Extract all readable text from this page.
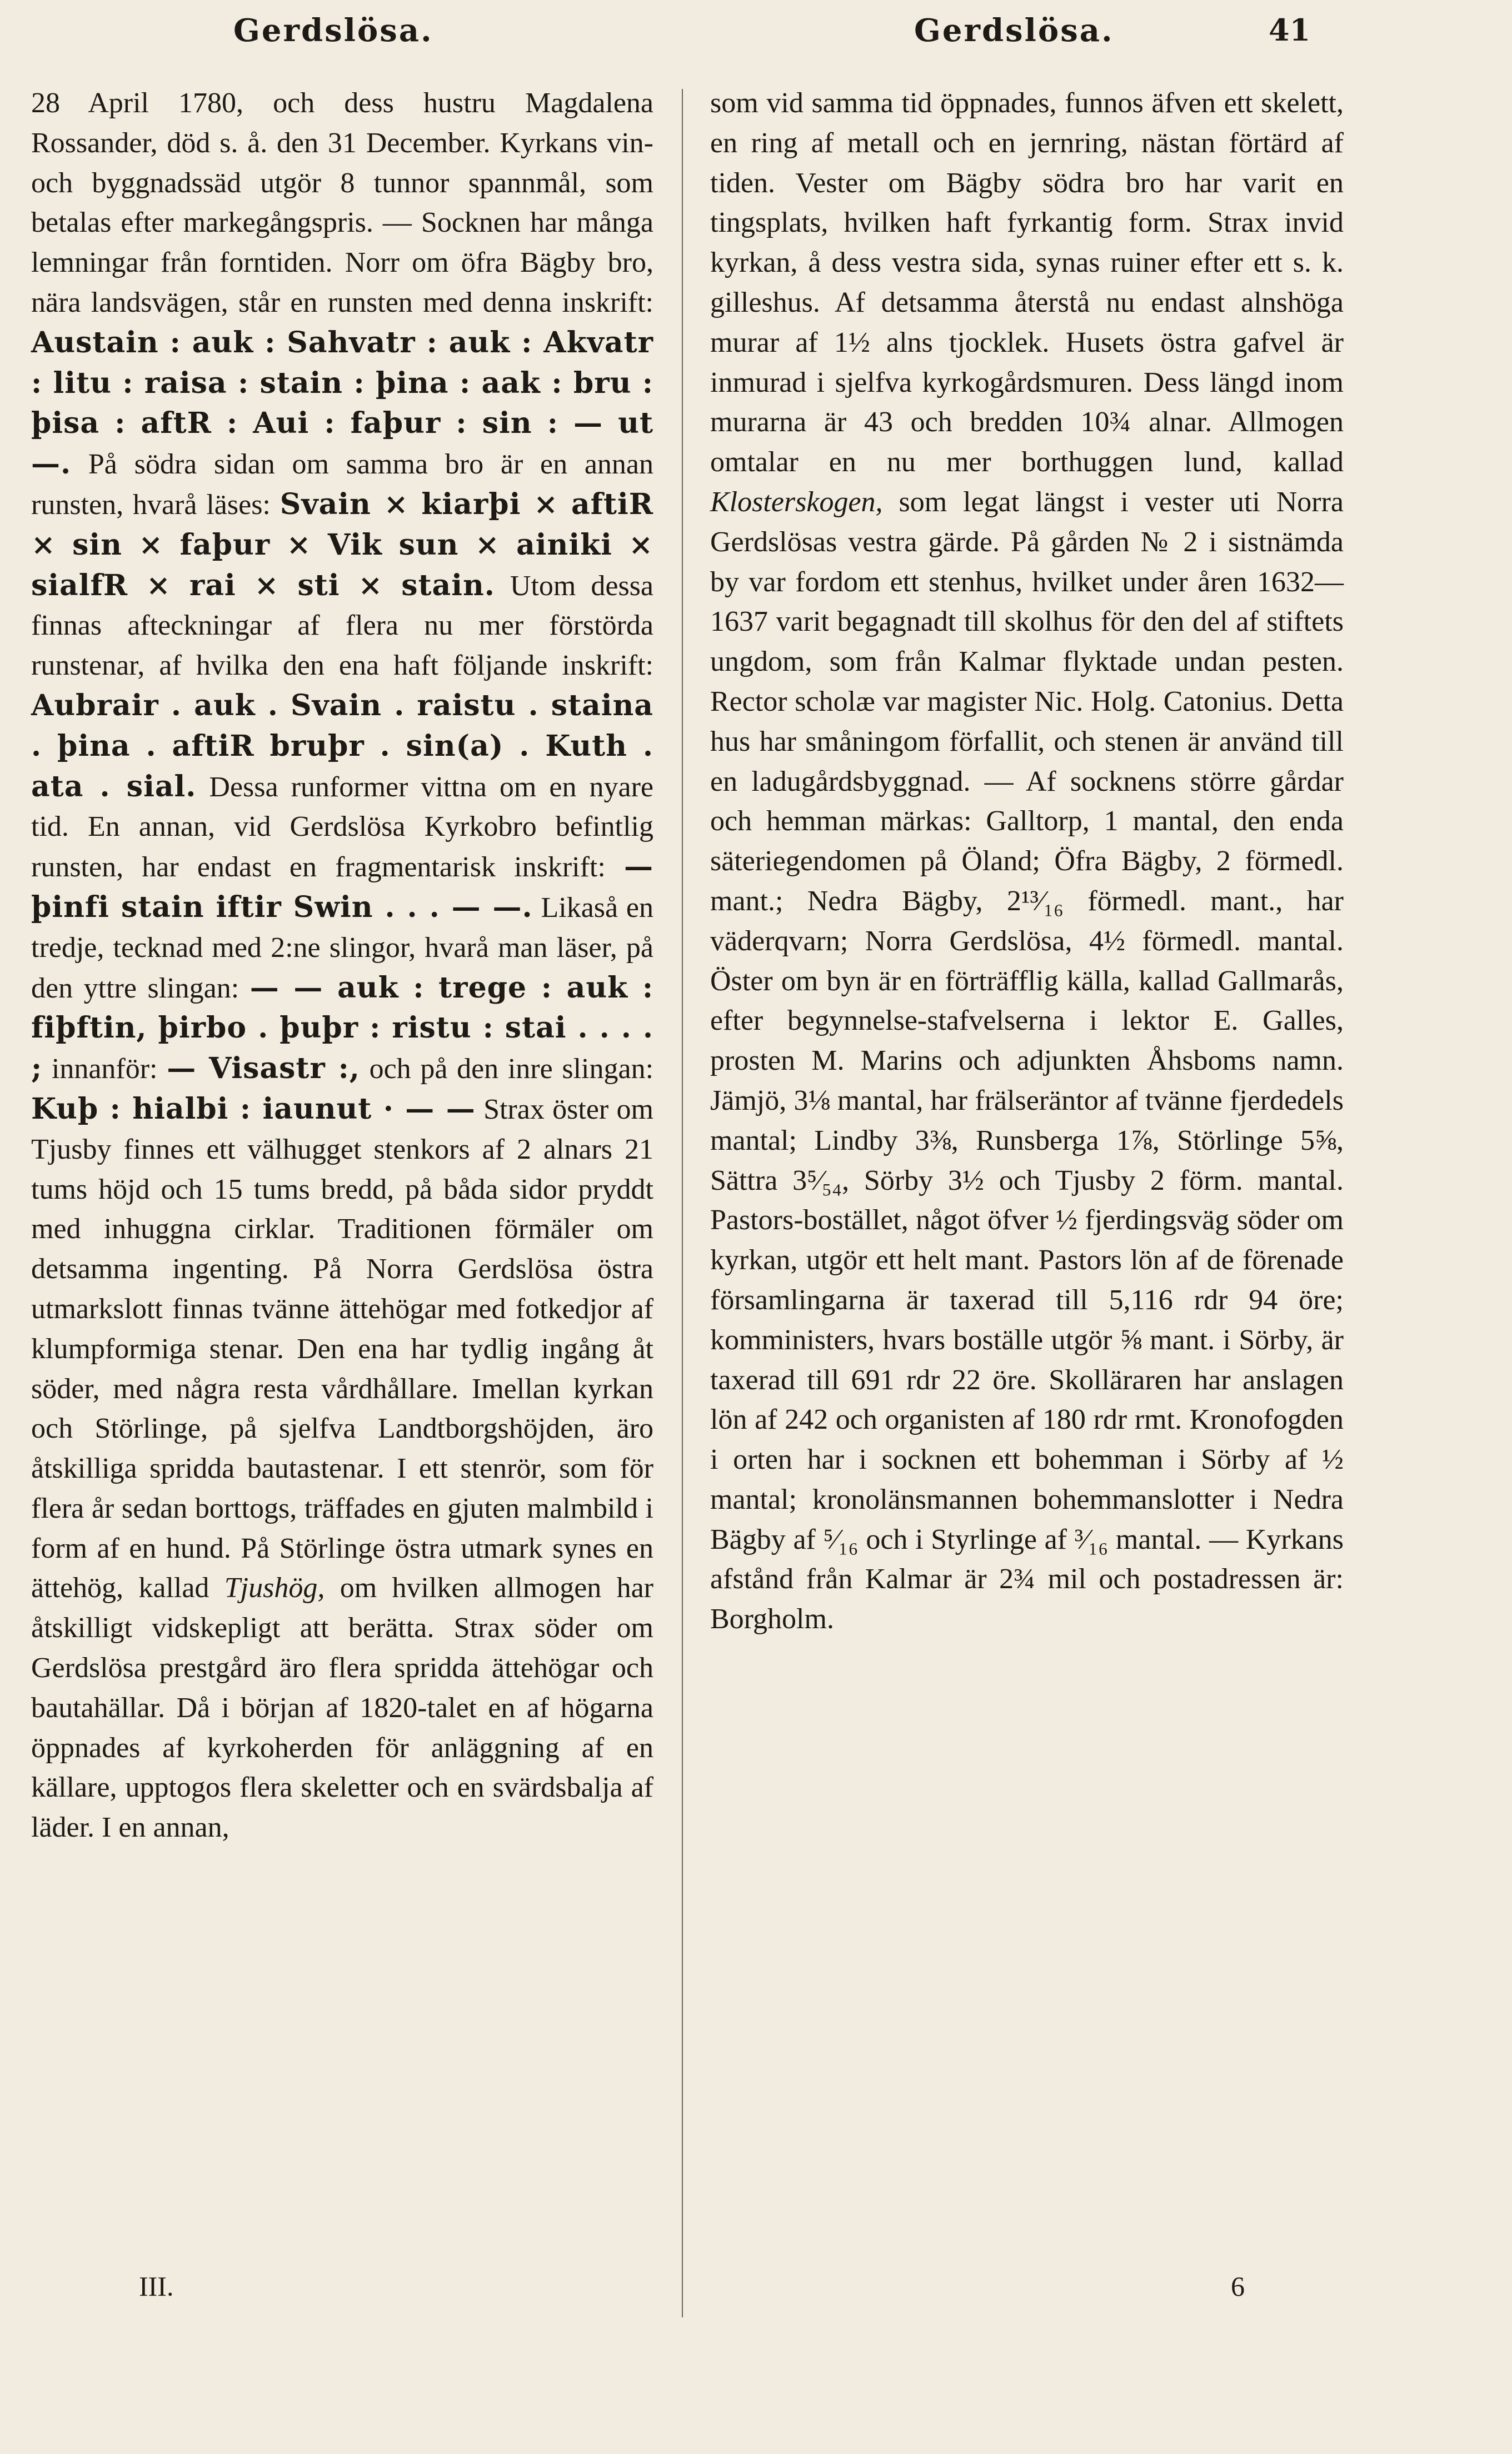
Gerdslösa.	Gerdslösa.	41

28 April 1780, och dess hustru Magdalena Rossander, död s. å. den 31 December. Kyrkans vin- och byggnadssäd utgör 8 tunnor spannmål, som betalas efter markegångspris. — Socknen har många lemningar från forntiden. Norr om öfra Bägby bro, nära landsvägen, står en runsten med denna inskrift: Austain : auk : Sahvatr : auk : Akvatr : litu : raisa : stain : þina : aak : bru : þisa : aftR : Aui : faþur : sin : — ut —. På södra sidan om samma bro är en annan runsten, hvarå läses: Svain × kiarþi × aftiR × sin × faþur × Vik sun × ainiki × sialfR × rai × sti × stain. Utom dessa finnas afteckningar af flera nu mer förstörda runstenar, af hvilka den ena haft följande inskrift: Aubrair . auk . Svain . raistu . staina . þina . aftiR bruþr . sin(a) . Kuth . ata . sial. Dessa runformer vittna om en nyare tid. En annan, vid Gerdslösa Kyrkobro befintlig runsten, har endast en fragmentarisk inskrift: — þinfi stain iftir Swin . . . — —. Likaså en tredje, tecknad med 2:ne slingor, hvarå man läser, på den yttre slingan: — — auk : trege : auk : fiþftin, þirbo . þuþr : ristu : stai . . . . ; innanför: — Visastr :, och på den inre slingan: Kuþ : hialbi : iaunut · — — Strax öster om Tjusby finnes ett välhugget stenkors af 2 alnars 21 tums höjd och 15 tums bredd, på båda sidor pryddt med inhuggna cirklar. Traditionen förmäler om detsamma ingenting. På Norra Gerdslösa östra utmarkslott finnas tvänne ättehögar med fotkedjor af klumpformiga stenar. Den ena har tydlig ingång åt söder, med några resta vårdhållare. Imellan kyrkan och Störlinge, på sjelfva Landtborgshöjden, äro åtskilliga spridda bautastenar. I ett stenrör, som för flera år sedan borttogs, träffades en gjuten malmbild i form af en hund. På Störlinge östra utmark synes en ättehög, kallad Tjushög, om hvilken allmogen har åtskilligt vidskepligt att berätta. Strax söder om Gerdslösa prestgård äro flera spridda ättehögar och bautahällar. Då i början af 1820-talet en af högarna öppnades af kyrkoherden för anläggning af en källare, upptogos flera skeletter och en svärdsbalja af läder. I en annan,

som vid samma tid öppnades, funnos äfven ett skelett, en ring af metall och en jernring, nästan förtärd af tiden. Vester om Bägby södra bro har varit en tingsplats, hvilken haft fyrkantig form. Strax invid kyrkan, å dess vestra sida, synas ruiner efter ett s. k. gilleshus. Af detsamma återstå nu endast alnshöga murar af 1½ alns tjocklek. Husets östra gafvel är inmurad i sjelfva kyrkogårdsmuren. Dess längd inom murarna är 43 och bredden 10¾ alnar. Allmogen omtalar en nu mer borthuggen lund, kallad Klosterskogen, som legat längst i vester uti Norra Gerdslösas vestra gärde. På gården № 2 i sistnämda by var fordom ett stenhus, hvilket under åren 1632—1637 varit begagnadt till skolhus för den del af stiftets ungdom, som från Kalmar flyktade undan pesten. Rector scholæ var magister Nic. Holg. Catonius. Detta hus har småningom förfallit, och stenen är använd till en ladugårdsbyggnad. — Af socknens större gårdar och hemman märkas: Galltorp, 1 mantal, den enda säteriegendomen på Öland; Öfra Bägby, 2 förmedl. mant.; Nedra Bägby, 2¹³⁄₁₆ förmedl. mant., har väderqvarn; Norra Gerdslösa, 4½ förmedl. mantal. Öster om byn är en förträfflig källa, kallad Gallmarås, efter begynnelse-stafvelserna i lektor E. Galles, prosten M. Marins och adjunkten Åhsboms namn. Jämjö, 3⅛ mantal, har frälseräntor af tvänne fjerdedels mantal; Lindby 3⅜, Runsberga 1⅞, Störlinge 5⅝, Sättra 3⁵⁄₅₄, Sörby 3½ och Tjusby 2 förm. mantal. Pastors-bostället, något öfver ½ fjerdingsväg söder om kyrkan, utgör ett helt mant. Pastors lön af de förenade församlingarna är taxerad till 5,116 rdr 94 öre; komministers, hvars boställe utgör ⅝ mant. i Sörby, är taxerad till 691 rdr 22 öre. Skolläraren har anslagen lön af 242 och organisten af 180 rdr rmt. Kronofogden i orten har i socknen ett bohemman i Sörby af ½ mantal; kronolänsmannen bohemmanslotter i Nedra Bägby af ⁵⁄₁₆ och i Styrlinge af ³⁄₁₆ mantal. — Kyrkans afstånd från Kalmar är 2¾ mil och postadressen är: Borgholm.

III.	6
